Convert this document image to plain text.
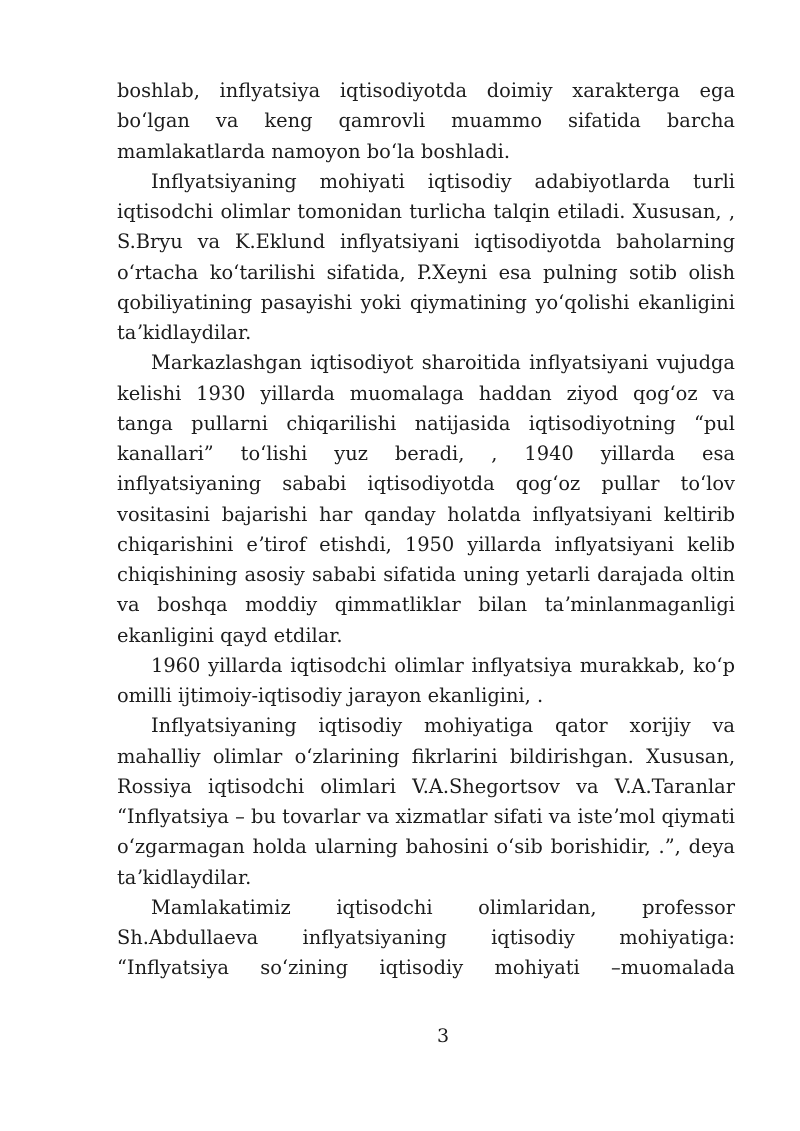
boshlab, inflyatsiya iqtisodiyotda doimiy xarakterga ega boʻlgan va keng qamrovli muammo sifatida barcha mamlakatlarda namoyon boʻla boshladi.

Inflyatsiyaning mohiyati iqtisodiy adabiyotlarda turli iqtisodchi olimlar tomonidan turlicha talqin etiladi. Xususan, , S.Bryu va K.Eklund inflyatsiyani iqtisodiyotda baholarning oʻrtacha koʻtarilishi sifatida, P.Xeyni esa pulning sotib olish qobiliyatining pasayishi yoki qiymatining yoʻqolishi ekanligini taʼkidlaydilar.

Markazlashgan iqtisodiyot sharoitida inflyatsiyani vujudga kelishi 1930 yillarda muomalaga haddan ziyod qogʻoz va tanga pullarni chiqarilishi natijasida iqtisodiyotning “pul kanallari” toʻlishi yuz beradi, , 1940 yillarda esa inflyatsiyaning sababi iqtisodiyotda qogʻoz pullar toʻlov vositasini bajarishi har qanday holatda inflyatsiyani keltirib chiqarishini eʼtirof etishdi, 1950 yillarda inflyatsiyani kelib chiqishining asosiy sababi sifatida uning yetarli darajada oltin va boshqa moddiy qimmatliklar bilan taʼminlanmaganligi ekanligini qayd etdilar.

1960 yillarda iqtisodchi olimlar inflyatsiya murakkab, koʻp omilli ijtimoiy-iqtisodiy jarayon ekanligini, .

Inflyatsiyaning iqtisodiy mohiyatiga qator xorijiy va mahalliy olimlar oʻzlarining fikrlarini bildirishgan. Xususan, Rossiya iqtisodchi olimlari V.A.Shegortsov va V.A.Taranlar “Inflyatsiya – bu tovarlar va xizmatlar sifati va isteʼmol qiymati oʻzgarmagan holda ularning bahosini oʻsib borishidir, .”, deya taʼkidlaydilar.

Mamlakatimiz iqtisodchi olimlaridan, professor Sh.Abdullaeva inflyatsiyaning iqtisodiy mohiyatiga: “Inflyatsiya soʻzining iqtisodiy mohiyati –muomalada

3
